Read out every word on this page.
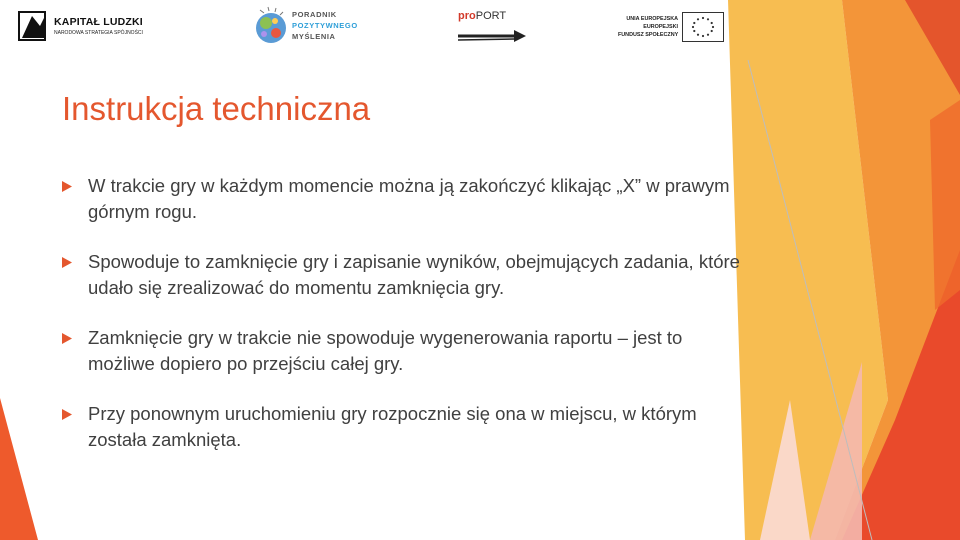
KAPITAŁ LUDZKI
NARODOWA STRATEGIA SPÓJNOŚCI
PORADNIK
POZYTYWNEGO
MYŚLENIA
proPORT	UNIA EUROPEJSKA
EUROPEJSKI
FUNDUSZ SPOŁECZNY
Instrukcja techniczna
W trakcie gry w każdym momencie można ją zakończyć klikając „X” w prawym górnym rogu.
Spowoduje to zamknięcie gry i zapisanie wyników, obejmujących zadania, które udało się zrealizować do momentu zamknięcia gry.
Zamknięcie gry w trakcie nie spowoduje wygenerowania raportu – jest to możliwe dopiero po przejściu całej gry.
Przy ponownym uruchomieniu gry rozpocznie się ona w miejscu, w którym została zamknięta.
